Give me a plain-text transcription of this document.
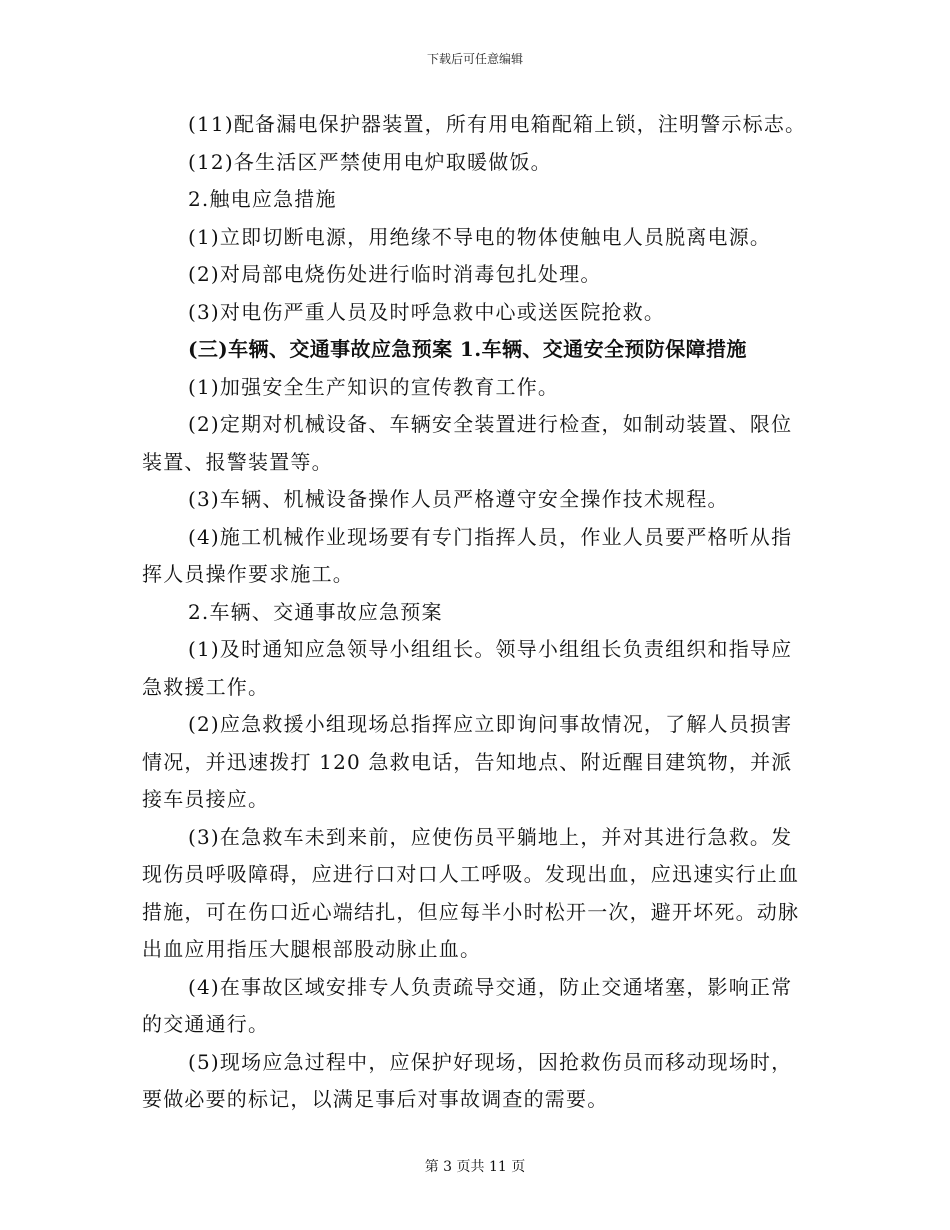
下载后可任意编辑

(11)配备漏电保护器装置，所有用电箱配箱上锁，注明警示标志。

(12)各生活区严禁使用电炉取暖做饭。

2.触电应急措施

(1)立即切断电源，用绝缘不导电的物体使触电人员脱离电源。

(2)对局部电烧伤处进行临时消毒包扎处理。

(3)对电伤严重人员及时呼急救中心或送医院抢救。

(三)车辆、交通事故应急预案 1.车辆、交通安全预防保障措施

(1)加强安全生产知识的宣传教育工作。

(2)定期对机械设备、车辆安全装置进行检查，如制动装置、限位装置、报警装置等。

(3)车辆、机械设备操作人员严格遵守安全操作技术规程。

(4)施工机械作业现场要有专门指挥人员，作业人员要严格听从指挥人员操作要求施工。

2.车辆、交通事故应急预案

(1)及时通知应急领导小组组长。领导小组组长负责组织和指导应急救援工作。

(2)应急救援小组现场总指挥应立即询问事故情况，了解人员损害情况，并迅速拨打 120 急救电话，告知地点、附近醒目建筑物，并派接车员接应。

(3)在急救车未到来前，应使伤员平躺地上，并对其进行急救。发现伤员呼吸障碍，应进行口对口人工呼吸。发现出血，应迅速实行止血措施，可在伤口近心端结扎，但应每半小时松开一次，避开坏死。动脉出血应用指压大腿根部股动脉止血。

(4)在事故区域安排专人负责疏导交通，防止交通堵塞，影响正常的交通通行。

(5)现场应急过程中，应保护好现场，因抢救伤员而移动现场时，要做必要的标记，以满足事后对事故调查的需要。

第 3 页共 11 页
